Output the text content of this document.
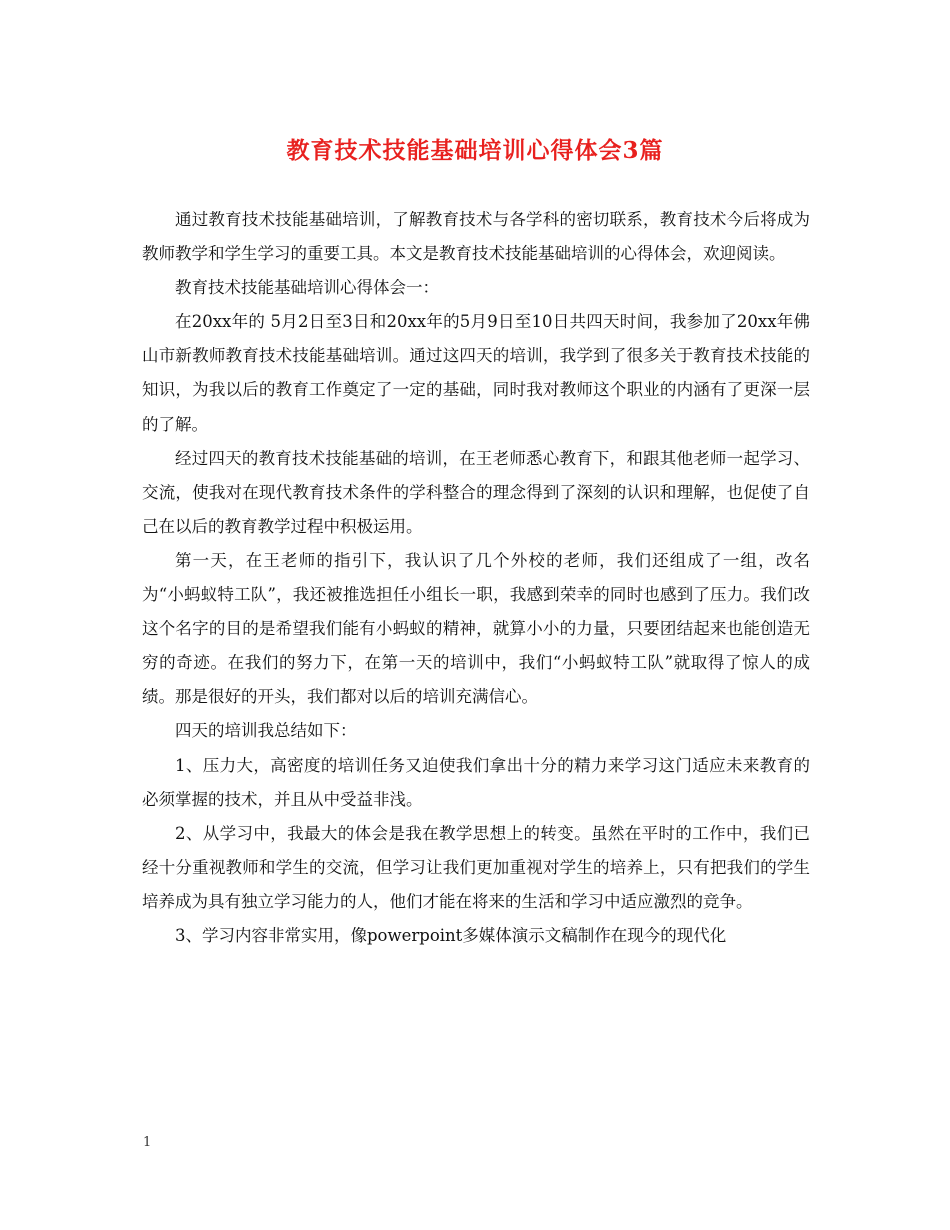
教育技术技能基础培训心得体会3篇

通过教育技术技能基础培训，了解教育技术与各学科的密切联系，教育技术今后将成为教师教学和学生学习的重要工具。本文是教育技术技能基础培训的心得体会，欢迎阅读。

教育技术技能基础培训心得体会一：

在20xx年的 5月2日至3日和20xx年的5月9日至10日共四天时间，我参加了20xx年佛山市新教师教育技术技能基础培训。通过这四天的培训，我学到了很多关于教育技术技能的知识，为我以后的教育工作奠定了一定的基础，同时我对教师这个职业的内涵有了更深一层的了解。

经过四天的教育技术技能基础的培训，在王老师悉心教育下，和跟其他老师一起学习、交流，使我对在现代教育技术条件的学科整合的理念得到了深刻的认识和理解，也促使了自己在以后的教育教学过程中积极运用。

第一天，在王老师的指引下，我认识了几个外校的老师，我们还组成了一组，改名为“小蚂蚁特工队”，我还被推选担任小组长一职，我感到荣幸的同时也感到了压力。我们改这个名字的目的是希望我们能有小蚂蚁的精神，就算小小的力量，只要团结起来也能创造无穷的奇迹。在我们的努力下，在第一天的培训中，我们“小蚂蚁特工队”就取得了惊人的成绩。那是很好的开头，我们都对以后的培训充满信心。

四天的培训我总结如下：

1、压力大，高密度的培训任务又迫使我们拿出十分的精力来学习这门适应未来教育的必须掌握的技术，并且从中受益非浅。

2、从学习中，我最大的体会是我在教学思想上的转变。虽然在平时的工作中，我们已经十分重视教师和学生的交流，但学习让我们更加重视对学生的培养上，只有把我们的学生培养成为具有独立学习能力的人，他们才能在将来的生活和学习中适应激烈的竞争。

3、学习内容非常实用，像powerpoint多媒体演示文稿制作在现今的现代化

1
